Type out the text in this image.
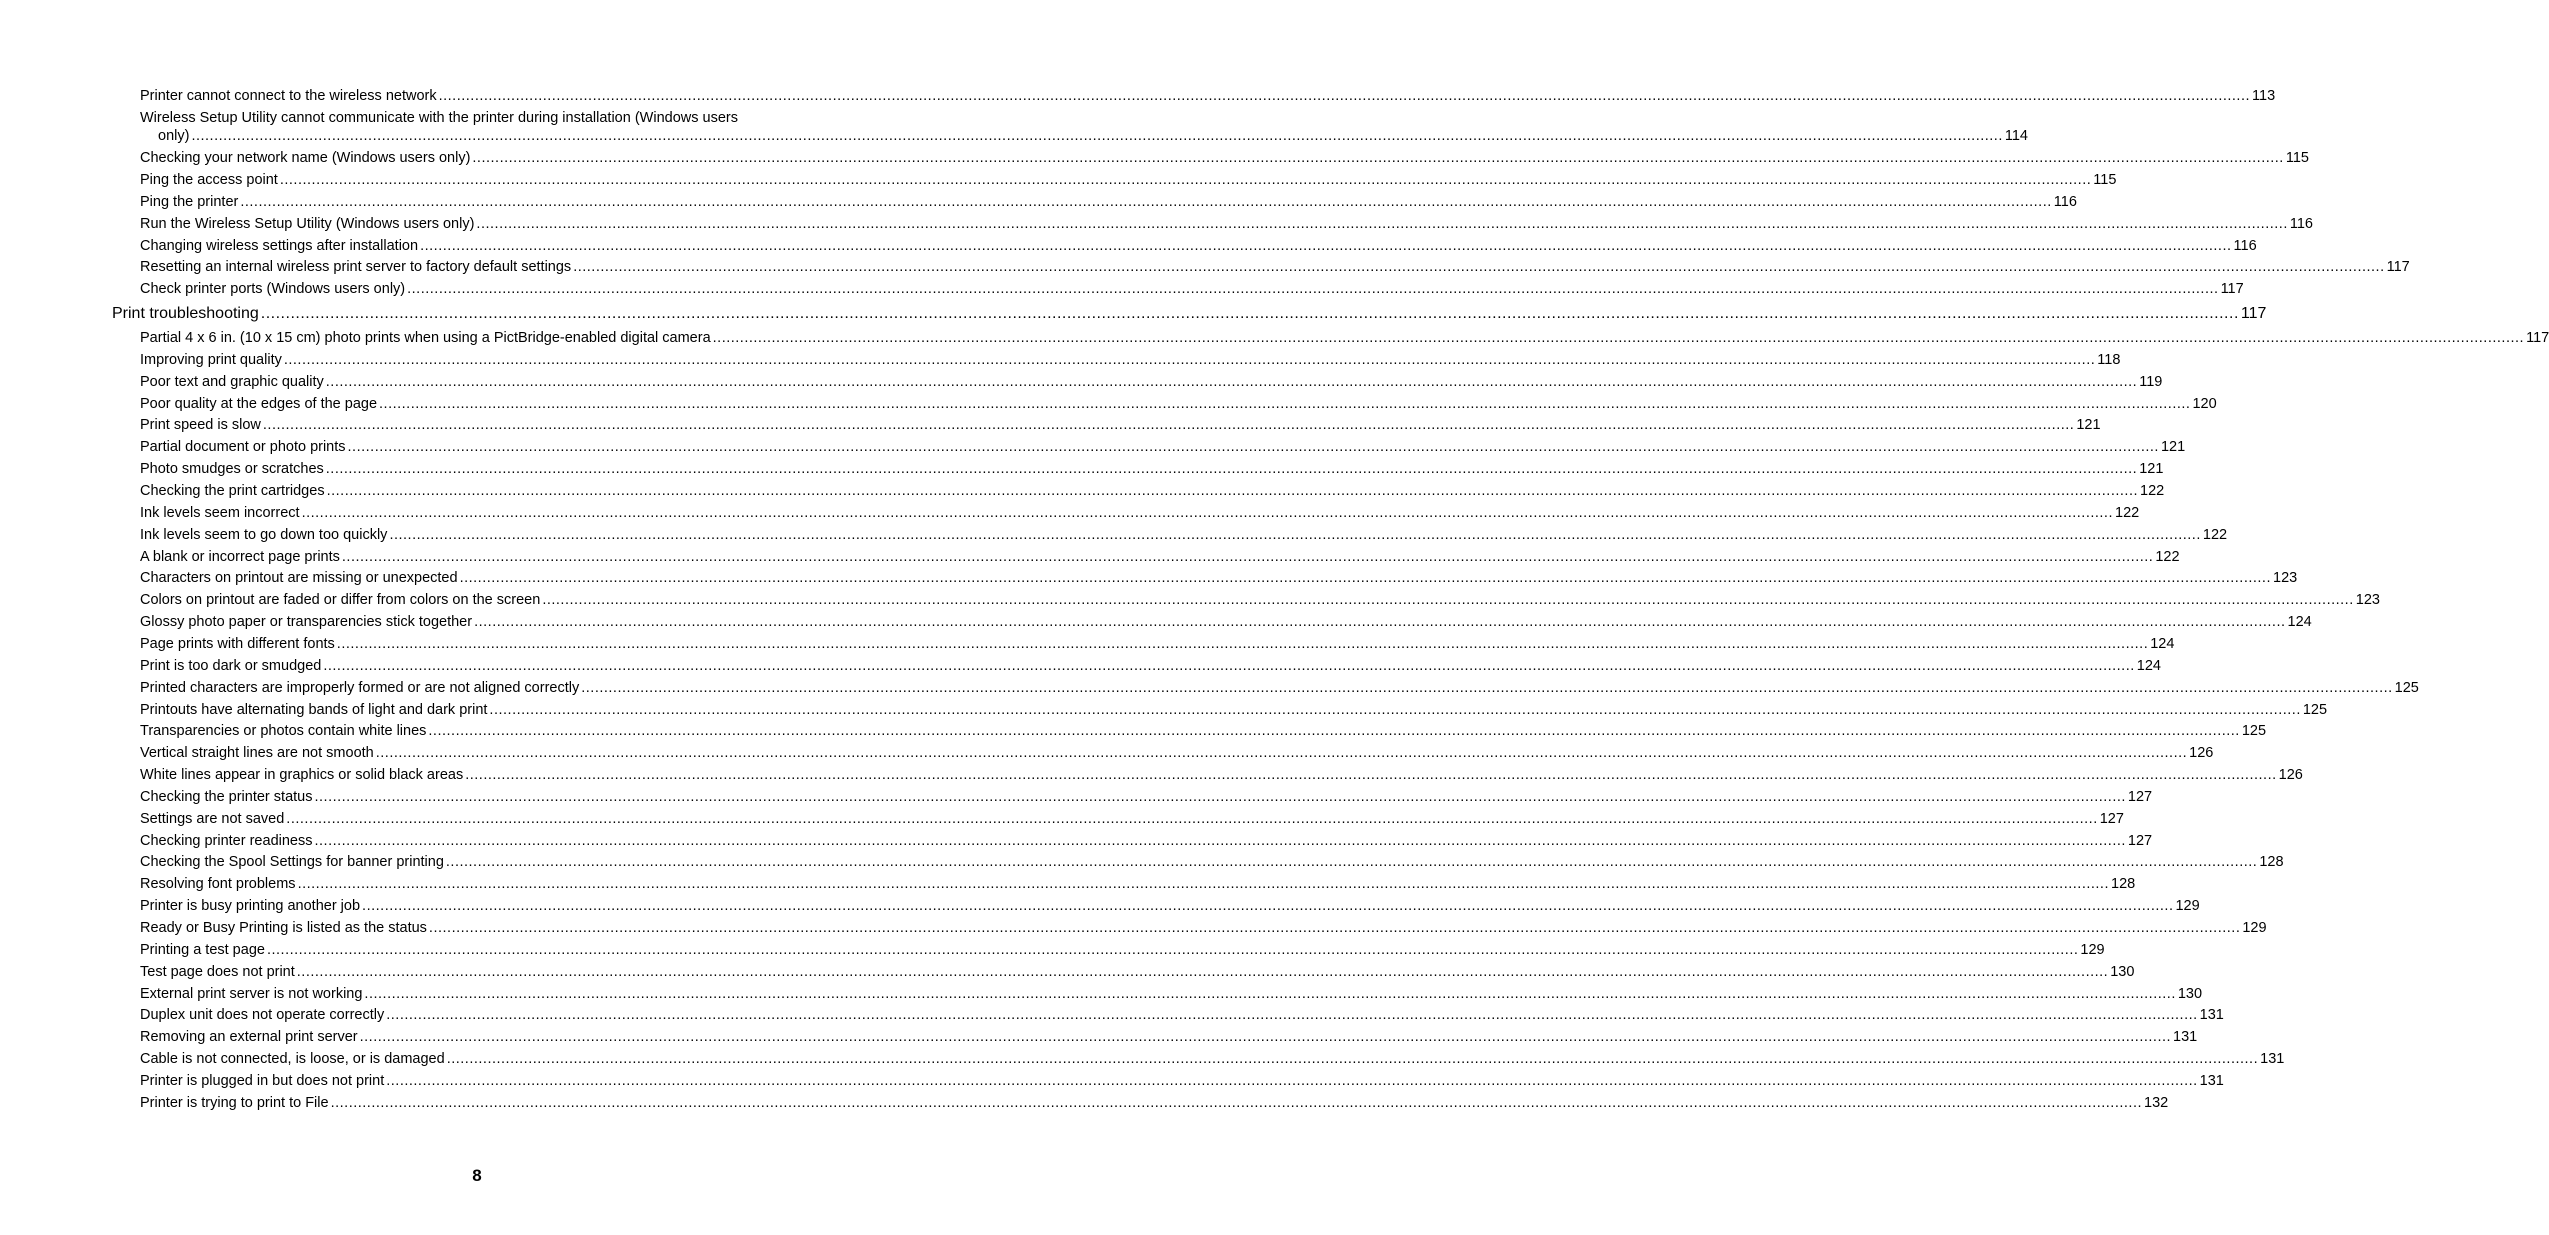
Printer cannot connect to the wireless network ................................................................................................................................................................................................................................................................................................................................................................................................................ 113
Wireless Setup Utility cannot communicate with the printer during installation (Windows users
only) ................................................................................................................................................................................................................................................................................................................................................................................................................ 114
Checking your network name (Windows users only) ................................................................................................................................................................................................................................................................................................................................................................................................................ 115
Ping the access point ................................................................................................................................................................................................................................................................................................................................................................................................................ 115
Ping the printer ................................................................................................................................................................................................................................................................................................................................................................................................................ 116
Run the Wireless Setup Utility (Windows users only) ................................................................................................................................................................................................................................................................................................................................................................................................................ 116
Changing wireless settings after installation ................................................................................................................................................................................................................................................................................................................................................................................................................ 116
Resetting an internal wireless print server to factory default settings ................................................................................................................................................................................................................................................................................................................................................................................................................ 117
Check printer ports (Windows users only) ................................................................................................................................................................................................................................................................................................................................................................................................................ 117
Print troubleshooting ................................................................................................................................................................................................................................................................................................................................................................................................................ 117
Partial 4 x 6 in. (10 x 15 cm) photo prints when using a PictBridge-enabled digital camera ................................................................................................................................................................................................................................................................................................................................................................................................................ 117
Improving print quality ................................................................................................................................................................................................................................................................................................................................................................................................................ 118
Poor text and graphic quality ................................................................................................................................................................................................................................................................................................................................................................................................................ 119
Poor quality at the edges of the page ................................................................................................................................................................................................................................................................................................................................................................................................................ 120
Print speed is slow ................................................................................................................................................................................................................................................................................................................................................................................................................ 121
Partial document or photo prints ................................................................................................................................................................................................................................................................................................................................................................................................................ 121
Photo smudges or scratches ................................................................................................................................................................................................................................................................................................................................................................................................................ 121
Checking the print cartridges ................................................................................................................................................................................................................................................................................................................................................................................................................ 122
Ink levels seem incorrect ................................................................................................................................................................................................................................................................................................................................................................................................................ 122
Ink levels seem to go down too quickly ................................................................................................................................................................................................................................................................................................................................................................................................................ 122
A blank or incorrect page prints ................................................................................................................................................................................................................................................................................................................................................................................................................ 122
Characters on printout are missing or unexpected ................................................................................................................................................................................................................................................................................................................................................................................................................ 123
Colors on printout are faded or differ from colors on the screen ................................................................................................................................................................................................................................................................................................................................................................................................................ 123
Glossy photo paper or transparencies stick together ................................................................................................................................................................................................................................................................................................................................................................................................................ 124
Page prints with different fonts ................................................................................................................................................................................................................................................................................................................................................................................................................ 124
Print is too dark or smudged ................................................................................................................................................................................................................................................................................................................................................................................................................ 124
Printed characters are improperly formed or are not aligned correctly ................................................................................................................................................................................................................................................................................................................................................................................................................ 125
Printouts have alternating bands of light and dark print ................................................................................................................................................................................................................................................................................................................................................................................................................ 125
Transparencies or photos contain white lines ................................................................................................................................................................................................................................................................................................................................................................................................................ 125
Vertical straight lines are not smooth ................................................................................................................................................................................................................................................................................................................................................................................................................ 126
White lines appear in graphics or solid black areas ................................................................................................................................................................................................................................................................................................................................................................................................................ 126
Checking the printer status ................................................................................................................................................................................................................................................................................................................................................................................................................ 127
Settings are not saved ................................................................................................................................................................................................................................................................................................................................................................................................................ 127
Checking printer readiness ................................................................................................................................................................................................................................................................................................................................................................................................................ 127
Checking the Spool Settings for banner printing ................................................................................................................................................................................................................................................................................................................................................................................................................ 128
Resolving font problems ................................................................................................................................................................................................................................................................................................................................................................................................................ 128
Printer is busy printing another job ................................................................................................................................................................................................................................................................................................................................................................................................................ 129
Ready or Busy Printing is listed as the status ................................................................................................................................................................................................................................................................................................................................................................................................................ 129
Printing a test page ................................................................................................................................................................................................................................................................................................................................................................................................................ 129
Test page does not print ................................................................................................................................................................................................................................................................................................................................................................................................................ 130
External print server is not working ................................................................................................................................................................................................................................................................................................................................................................................................................ 130
Duplex unit does not operate correctly ................................................................................................................................................................................................................................................................................................................................................................................................................ 131
Removing an external print server ................................................................................................................................................................................................................................................................................................................................................................................................................ 131
Cable is not connected, is loose, or is damaged ................................................................................................................................................................................................................................................................................................................................................................................................................ 131
Printer is plugged in but does not print ................................................................................................................................................................................................................................................................................................................................................................................................................ 131
Printer is trying to print to File ................................................................................................................................................................................................................................................................................................................................................................................................................ 132
8
